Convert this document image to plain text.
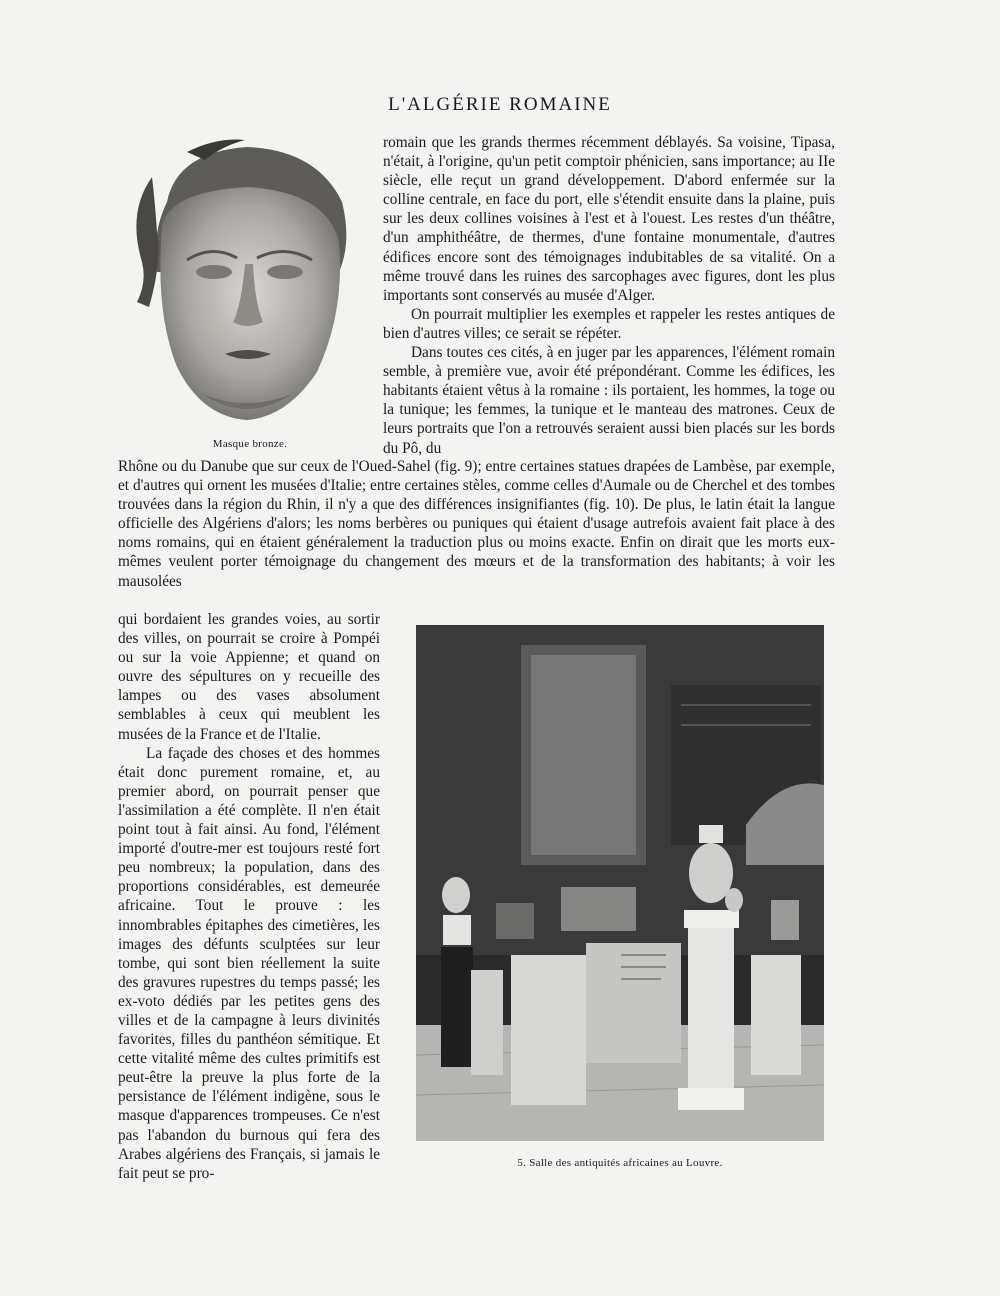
L'ALGÉRIE ROMAINE
Masque bronze.

romain que les grands thermes récemment déblayés. Sa voisine, Tipasa, n'était, à l'origine, qu'un petit comptoir phénicien, sans importance; au IIe siècle, elle reçut un grand développement. D'abord enfermée sur la colline centrale, en face du port, elle s'étendit ensuite dans la plaine, puis sur les deux collines voisines à l'est et à l'ouest. Les restes d'un théâtre, d'un amphithéâtre, de thermes, d'une fontaine monumentale, d'autres édifices encore sont des témoignages indubitables de sa vitalité. On a même trouvé dans les ruines des sarcophages avec figures, dont les plus importants sont conservés au musée d'Alger.

On pourrait multiplier les exemples et rappeler les restes antiques de bien d'autres villes; ce serait se répéter.

Dans toutes ces cités, à en juger par les apparences, l'élément romain semble, à première vue, avoir été prépondérant. Comme les édifices, les habitants étaient vêtus à la romaine : ils portaient, les hommes, la toge ou la tunique; les femmes, la tunique et le manteau des matrones. Ceux de leurs portraits que l'on a retrouvés seraient aussi bien placés sur les bords du Pô, du

Rhône ou du Danube que sur ceux de l'Oued-Sahel (fig. 9); entre certaines statues drapées de Lambèse, par exemple, et d'autres qui ornent les musées d'Italie; entre certaines stèles, comme celles d'Aumale ou de Cherchel et des tombes trouvées dans la région du Rhin, il n'y a que des différences insignifiantes (fig. 10). De plus, le latin était la langue officielle des Algériens d'alors; les noms berbères ou puniques qui étaient d'usage autrefois avaient fait place à des noms romains, qui en étaient généralement la traduction plus ou moins exacte. Enfin on dirait que les morts eux-mêmes veulent porter témoignage du changement des mœurs et de la transformation des habitants; à voir les mausolées

qui bordaient les grandes voies, au sortir des villes, on pourrait se croire à Pompéi ou sur la voie Appienne; et quand on ouvre des sépultures on y recueille des lampes ou des vases absolument semblables à ceux qui meublent les musées de la France et de l'Italie.

La façade des choses et des hommes était donc purement romaine, et, au premier abord, on pourrait penser que l'assimilation a été complète. Il n'en était point tout à fait ainsi. Au fond, l'élément importé d'outre-mer est toujours resté fort peu nombreux; la population, dans des proportions considérables, est demeurée africaine. Tout le prouve : les innombrables épitaphes des cimetières, les images des défunts sculptées sur leur tombe, qui sont bien réellement la suite des gravures rupestres du temps passé; les ex-voto dédiés par les petites gens des villes et de la campagne à leurs divinités favorites, filles du panthéon sémitique. Et cette vitalité même des cultes primitifs est peut-être la preuve la plus forte de la persistance de l'élément indigène, sous le masque d'apparences trompeuses. Ce n'est pas l'abandon du burnous qui fera des Arabes algériens des Français, si jamais le fait peut se pro-

5. Salle des antiquités africaines au Louvre.
